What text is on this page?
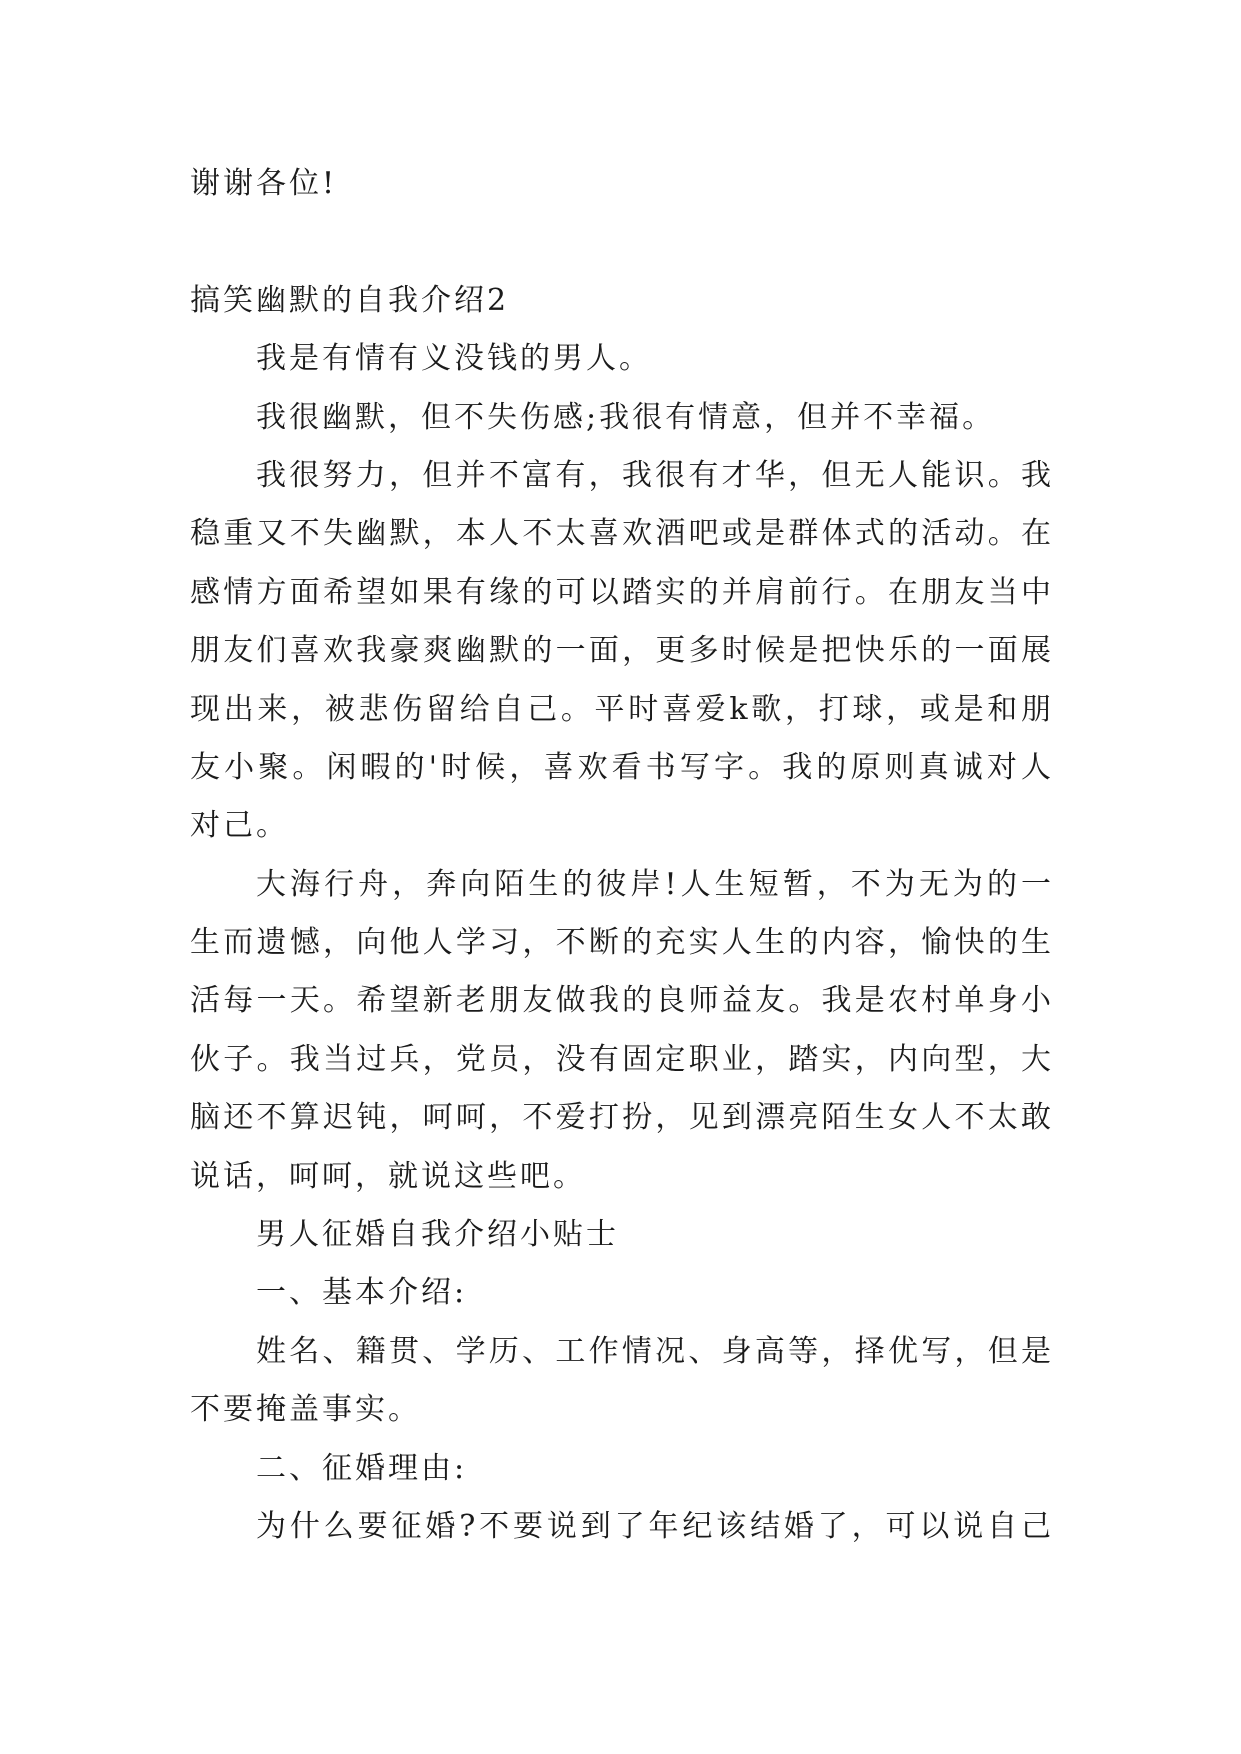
谢谢各位!
搞笑幽默的自我介绍2
我是有情有义没钱的男人。
我很幽默，但不失伤感;我很有情意，但并不幸福。
我很努力，但并不富有，我很有才华，但无人能识。我
稳重又不失幽默，本人不太喜欢酒吧或是群体式的活动。在
感情方面希望如果有缘的可以踏实的并肩前行。在朋友当中
朋友们喜欢我豪爽幽默的一面，更多时候是把快乐的一面展
现出来，被悲伤留给自己。平时喜爱k歌，打球，或是和朋
友小聚。闲暇的'时候，喜欢看书写字。我的原则真诚对人
对己。
大海行舟，奔向陌生的彼岸!人生短暂，不为无为的一
生而遗憾，向他人学习，不断的充实人生的内容，愉快的生
活每一天。希望新老朋友做我的良师益友。我是农村单身小
伙子。我当过兵，党员，没有固定职业，踏实，内向型，大
脑还不算迟钝，呵呵，不爱打扮，见到漂亮陌生女人不太敢
说话，呵呵，就说这些吧。
男人征婚自我介绍小贴士
一、基本介绍:
姓名、籍贯、学历、工作情况、身高等，择优写，但是
不要掩盖事实。
二、征婚理由:
为什么要征婚?不要说到了年纪该结婚了，可以说自己
